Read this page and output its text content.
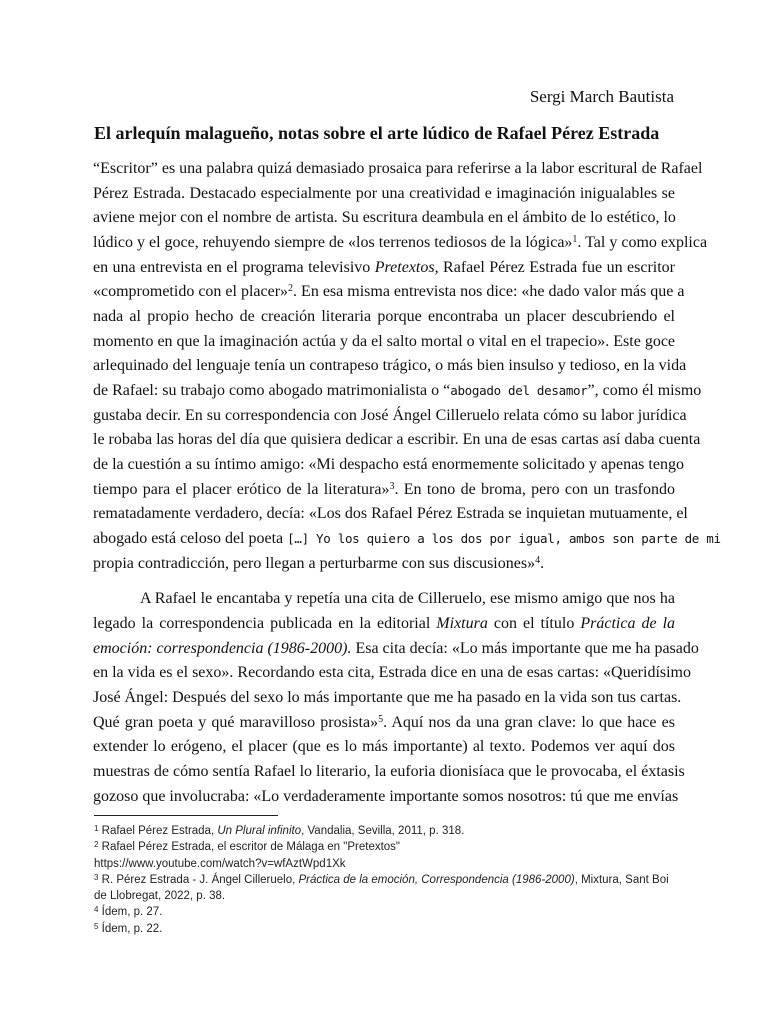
Sergi March Bautista
El arlequín malagueño, notas sobre el arte lúdico de Rafael Pérez Estrada
“Escritor” es una palabra quizá demasiado prosaica para referirse a la labor escritural de Rafael
Pérez Estrada. Destacado especialmente por una creatividad e imaginación inigualables se
aviene mejor con el nombre de artista. Su escritura deambula en el ámbito de lo estético, lo
lúdico y el goce, rehuyendo siempre de «los terrenos tediosos de la lógica»$^1$. Tal y como explica
en una entrevista en el programa televisivo Pretextos, Rafael Pérez Estrada fue un escritor
«comprometido con el placer»$^2$. En esa misma entrevista nos dice: «he dado valor más que a
nada al propio hecho de creación literaria porque encontraba un placer descubriendo el
momento en que la imaginación actúa y da el salto mortal o vital en el trapecio». Este goce
arlequinado del lenguaje tenía un contrapeso trágico, o más bien insulso y tedioso, en la vida
de Rafael: su trabajo como abogado matrimonialista o “abogado del desamor”, como él mismo
gustaba decir. En su correspondencia con José Ángel Cilleruelo relata cómo su labor jurídica
le robaba las horas del día que quisiera dedicar a escribir. En una de esas cartas así daba cuenta
de la cuestión a su íntimo amigo: «Mi despacho está enormemente solicitado y apenas tengo
tiempo para el placer erótico de la literatura»$^3$. En tono de broma, pero con un trasfondo
rematadamente verdadero, decía: «Los dos Rafael Pérez Estrada se inquietan mutuamente, el
abogado está celoso del poeta […] Yo los quiero a los dos por igual, ambos son parte de mi
propia contradicción, pero llegan a perturbarme con sus discusiones»$^4$.
A Rafael le encantaba y repetía una cita de Cilleruelo, ese mismo amigo que nos ha
legado la correspondencia publicada en la editorial Mixtura con el título Práctica de la
emoción: correspondencia (1986-2000). Esa cita decía: «Lo más importante que me ha pasado
en la vida es el sexo». Recordando esta cita, Estrada dice en una de esas cartas: «Queridísimo
José Ángel: Después del sexo lo más importante que me ha pasado en la vida son tus cartas.
Qué gran poeta y qué maravilloso prosista»$^5$. Aquí nos da una gran clave: lo que hace es
extender lo erógeno, el placer (que es lo más importante) al texto. Podemos ver aquí dos
muestras de cómo sentía Rafael lo literario, la euforia dionisíaca que le provocaba, el éxtasis
gozoso que involucraba: «Lo verdaderamente importante somos nosotros: tú que me envías
$^1$ Rafael Pérez Estrada, Un Plural infinito, Vandalia, Sevilla, 2011, p. 318.
$^2$ Rafael Pérez Estrada, el escritor de Málaga en "Pretextos"
https://www.youtube.com/watch?v=wfAztWpd1Xk
$^3$ R. Pérez Estrada - J. Ángel Cilleruelo, Práctica de la emoción, Correspondencia (1986-2000), Mixtura, Sant Boi
de Llobregat, 2022, p. 38.
$^4$ Ídem, p. 27.
$^5$ Ídem, p. 22.
